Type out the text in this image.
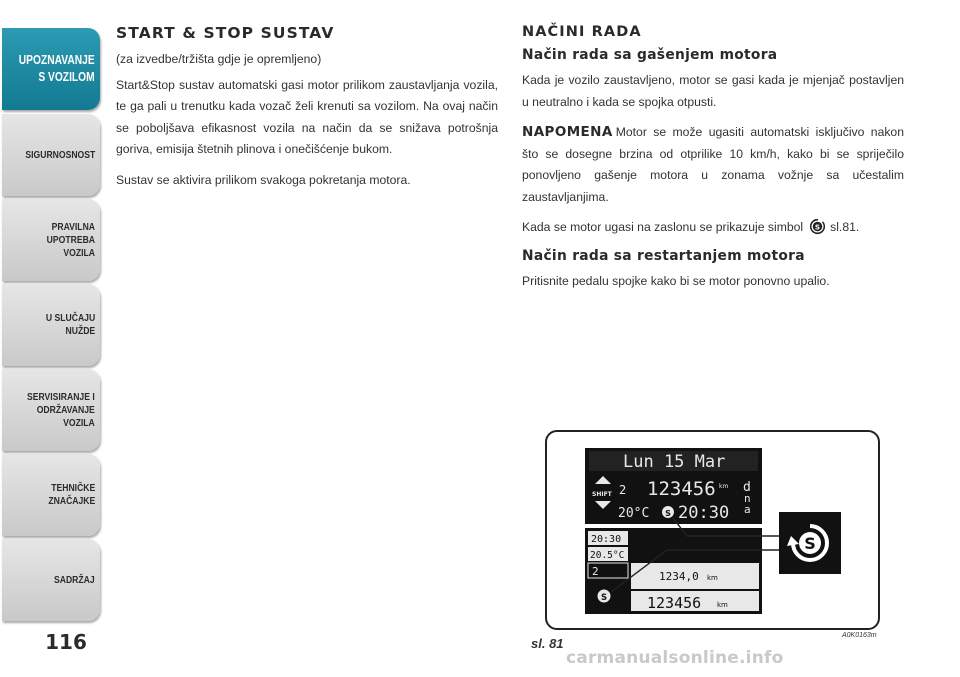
UPOZNAVANJE
S VOZILOM
SIGURNOSNOST
PRAVILNA
UPOTREBA
VOZILA
U SLUČAJU
NUŽDE
SERVISIRANJE I
ODRŽAVANJE
VOZILA
TEHNIČKE
ZNAČAJKE
SADRŽAJ
116
START & STOP SUSTAV

(za izvedbe/tržišta gdje je opremljeno)

Start&Stop sustav automatski gasi motor prilikom zaustavljanja vozila, te ga pali u trenutku kada vozač želi krenuti sa vozilom. Na ovaj način se poboljšava efikasnost vozila na način da se snižava potrošnja goriva, emisija štetnih plinova i onečišćenje bukom.

Sustav se aktivira prilikom svakoga pokretanja motora.

NAČINI RADA
Način rada sa gašenjem motora

Kada je vozilo zaustavljeno, motor se gasi kada je mjenjač postavljen u neutralno i kada se spojka otpusti.

NAPOMENA Motor se može ugasiti automatski isključivo nakon što se dosegne brzina od otprilike 10 km/h, kako bi se spriječilo ponovljeno gašenje motora u zonama vožnje sa učestalim zaustavljanjima.

Kada se motor ugasi na zaslonu se prikazuje simbol S sl.81.

Način rada sa restartanjem motora

Pritisnite pedalu spojke kako bi se motor ponovno upalio.

Lun 15 Mar
2 123456 km
SHIFT
20°C S 20:30
d
n
a
20:30
20.5°C
2
S
1234,0 km
123456 km
S
sl. 81
A0K0163m
carmanualsonline.info
